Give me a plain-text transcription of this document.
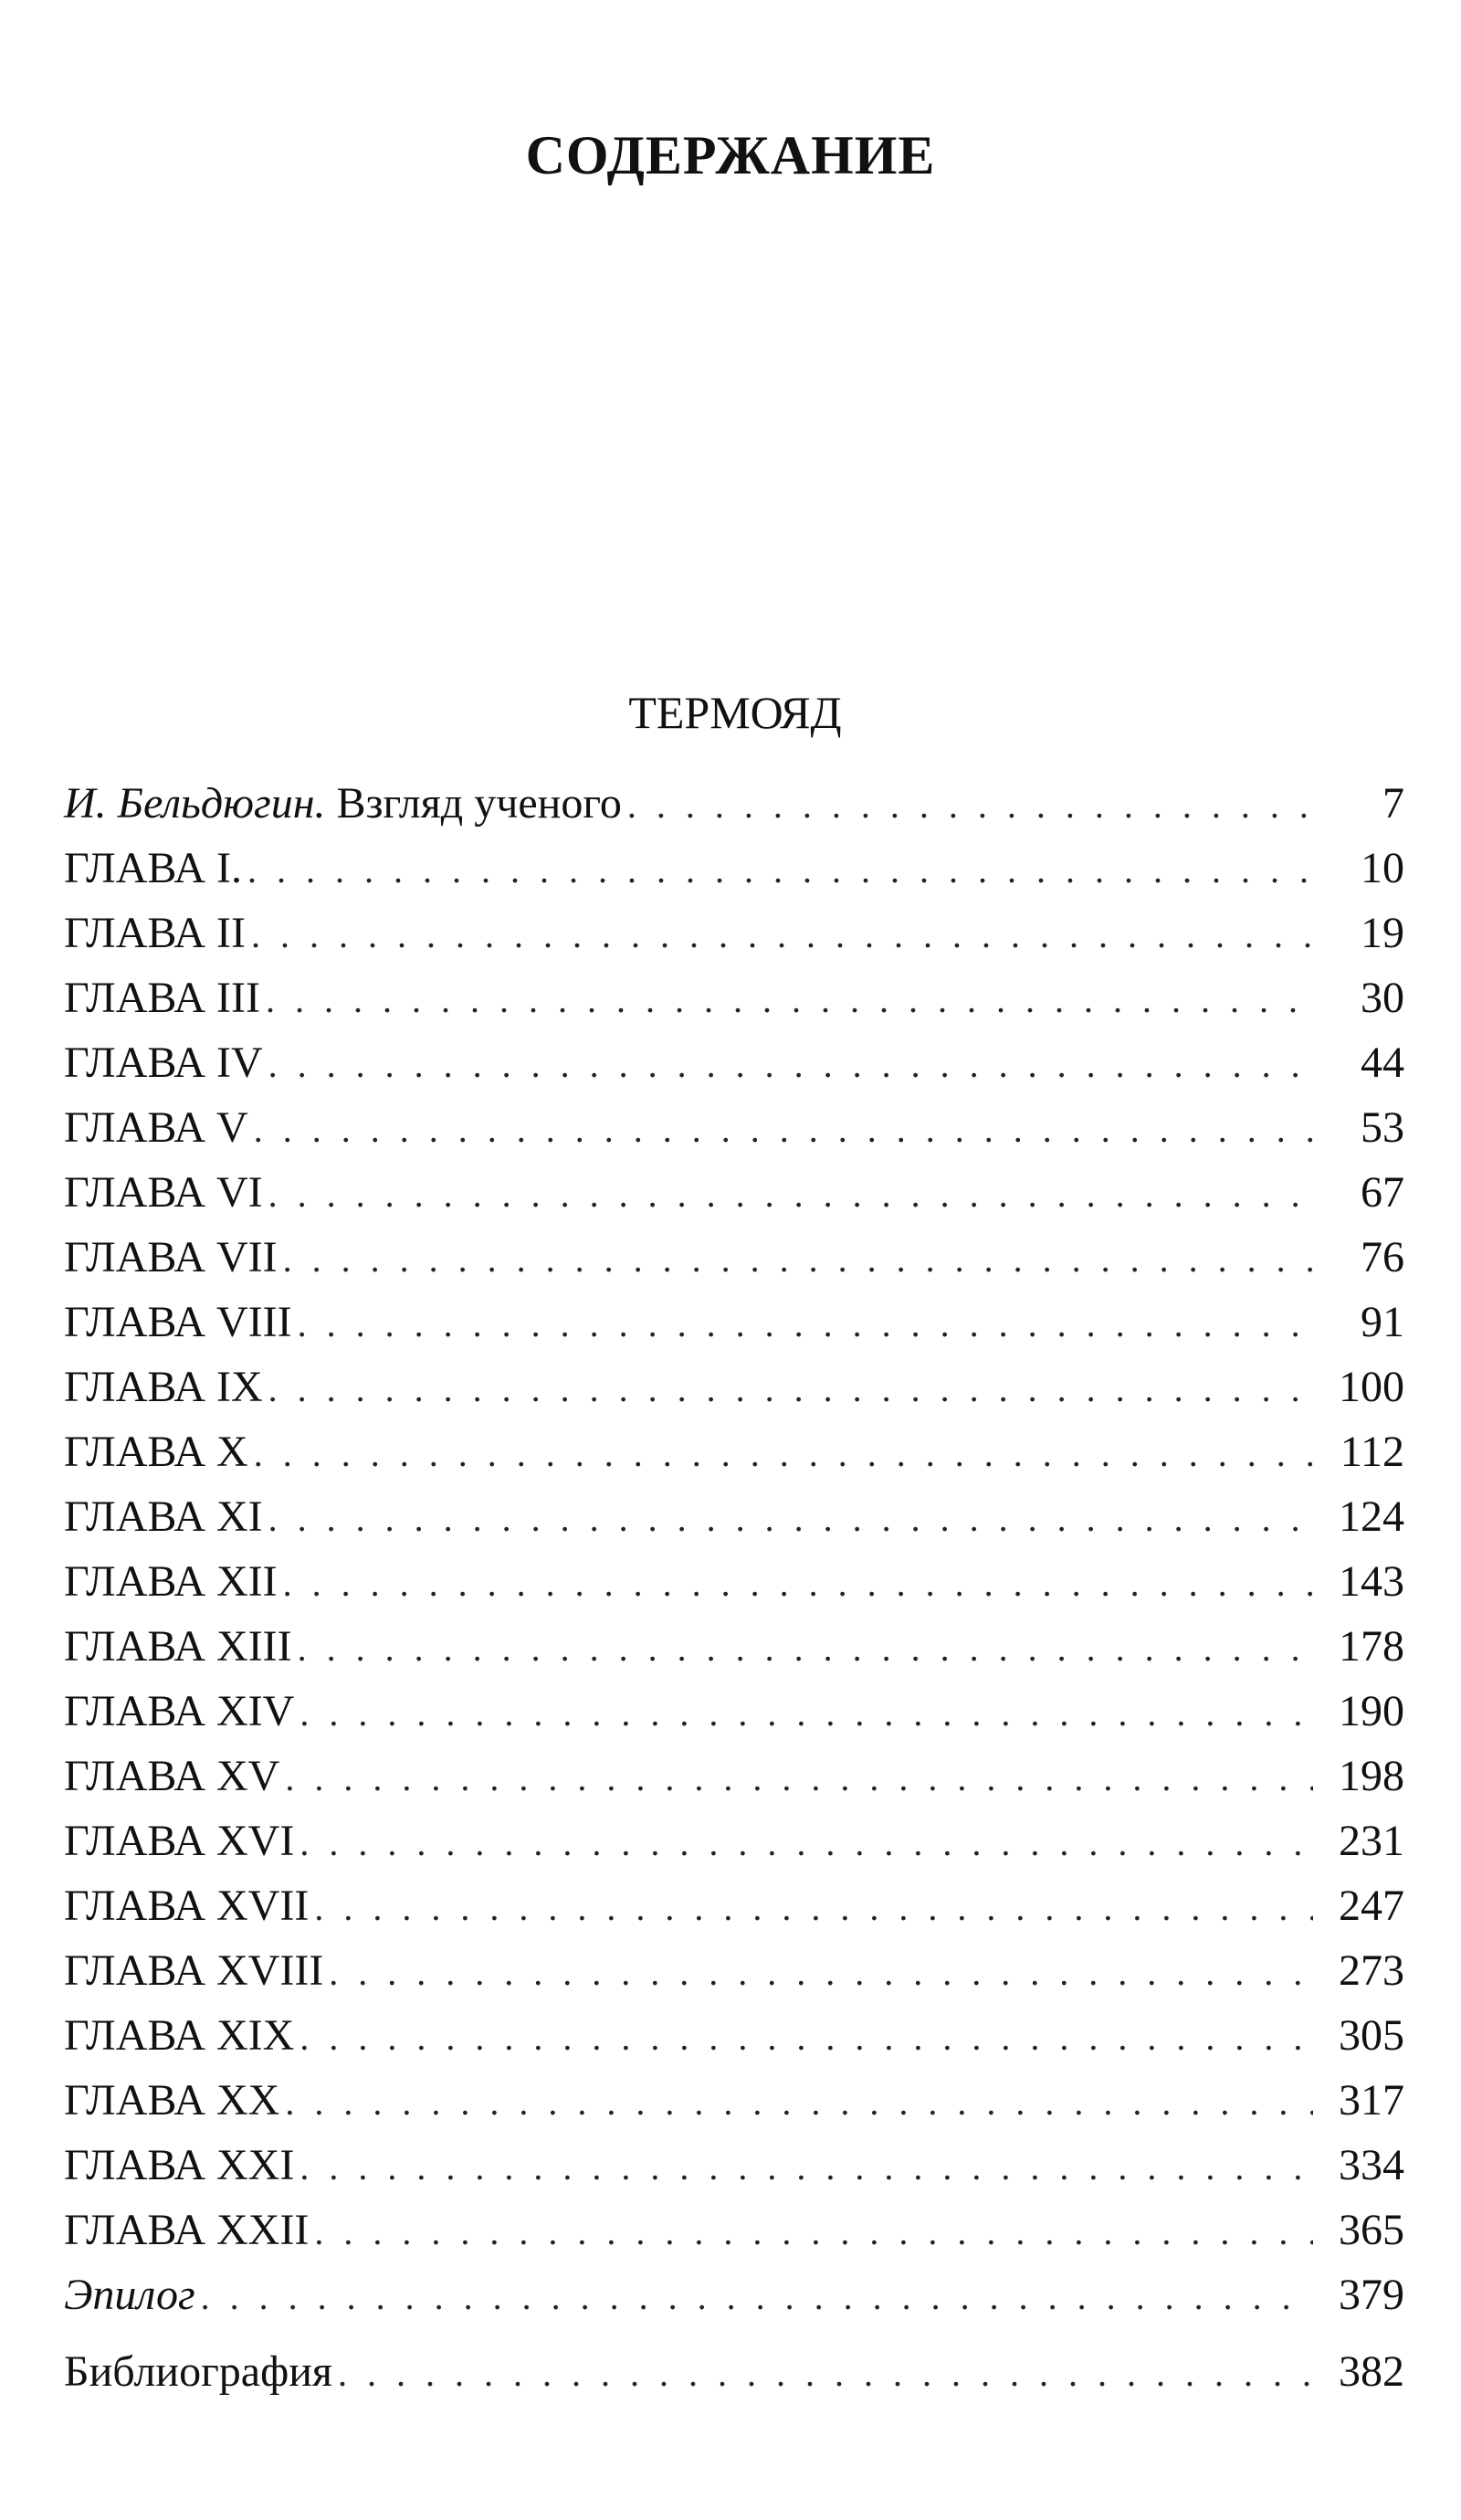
СОДЕРЖАНИЕ
ТЕРМОЯД
И. Бельдюгин. Взгляд ученого . . .	7
ГЛАВА I. . . .	10
ГЛАВА II . . .	19
ГЛАВА III . . .	30
ГЛАВА IV . . .	44
ГЛАВА V . . .	53
ГЛАВА VI . . .	67
ГЛАВА VII . . .	76
ГЛАВА VIII . . .	91
ГЛАВА IX . . .	100
ГЛАВА X . . .	112
ГЛАВА XI . . .	124
ГЛАВА XII . . .	143
ГЛАВА XIII . . .	178
ГЛАВА XIV . . .	190
ГЛАВА XV . . .	198
ГЛАВА XVI . . .	231
ГЛАВА XVII . . .	247
ГЛАВА XVIII . . .	273
ГЛАВА XIX . . .	305
ГЛАВА XX . . .	317
ГЛАВА XXI . . .	334
ГЛАВА XXII . . .	365
Эпилог . . .	379
Библиография . . .	382
